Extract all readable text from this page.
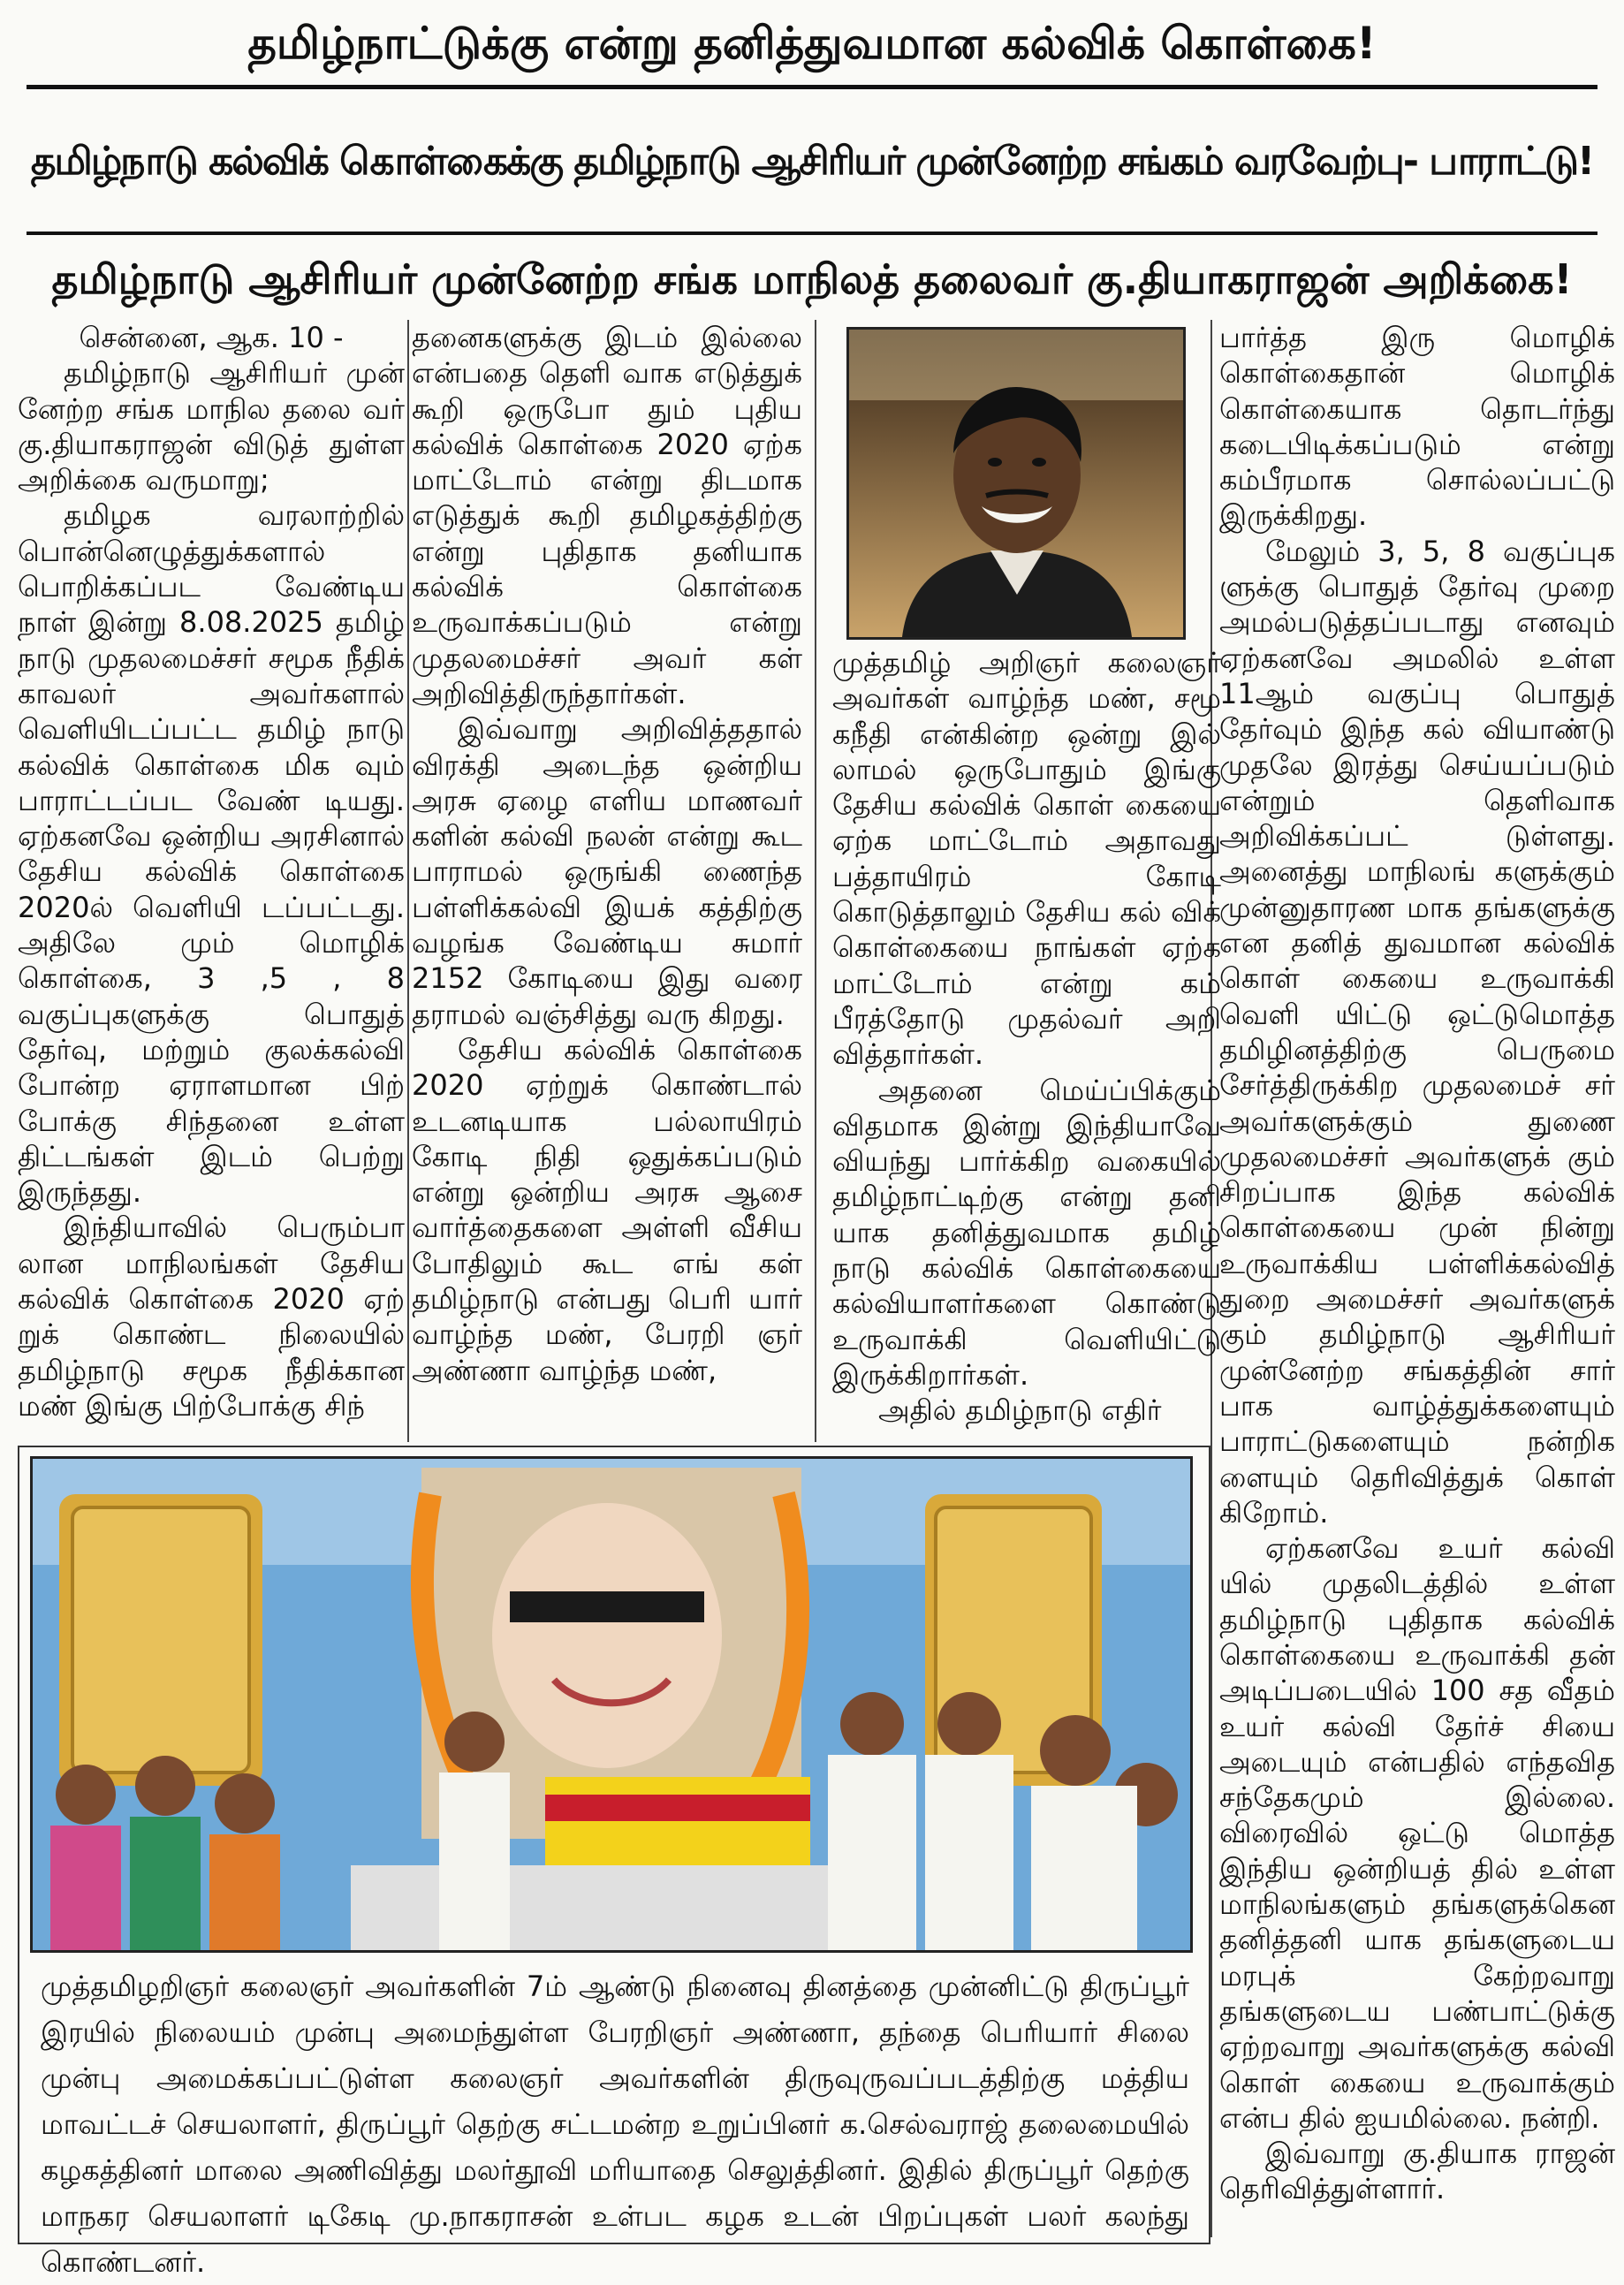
தமிழ்நாட்டுக்கு என்று தனித்துவமான கல்விக் கொள்கை!
தமிழ்நாடு கல்விக் கொள்கைக்கு தமிழ்நாடு ஆசிரியர் முன்னேற்ற சங்கம் வரவேற்பு- பாராட்டு!
தமிழ்நாடு ஆசிரியர் முன்னேற்ற சங்க மாநிலத் தலைவர் கு.தியாகராஜன் அறிக்கை!

சென்னை, ஆக. 10 -

தமிழ்நாடு ஆசிரியர் முன் னேற்ற சங்க மாநில தலை வர் கு.தியாகராஜன் விடுத் துள்ள அறிக்கை வருமாறு;

தமிழக வரலாற்றில் பொன்னெழுத்துக்களால் பொறிக்கப்பட வேண்டிய நாள் இன்று 8.08.2025 தமிழ் நாடு முதலமைச்சர் சமூக நீதிக் காவலர் அவர்களால் வெளியிடப்பட்ட தமிழ் நாடு கல்விக் கொள்கை மிக வும் பாராட்டப்பட வேண் டியது. ஏற்கனவே ஒன்றிய அரசினால் தேசிய கல்விக் கொள்கை 2020ல் வெளியி டப்பட்டது. அதிலே மும் மொழிக் கொள்கை, 3 ,5 , 8 வகுப்புகளுக்கு பொதுத் தேர்வு, மற்றும் குலக்கல்வி போன்ற ஏராளமான பிற் போக்கு சிந்தனை உள்ள திட்டங்கள் இடம் பெற்று இருந்தது.

இந்தியாவில் பெரும்பா லான மாநிலங்கள் தேசிய கல்விக் கொள்கை 2020 ஏற் றுக் கொண்ட நிலையில் தமிழ்நாடு சமூக நீதிக்கான மண் இங்கு பிற்போக்கு சிந்

தனைகளுக்கு இடம் இல்லை என்பதை தெளி வாக எடுத்துக் கூறி ஒருபோ தும் புதிய கல்விக் கொள்கை 2020 ஏற்க மாட்டோம் என்று திடமாக எடுத்துக் கூறி தமிழகத்திற்கு என்று புதிதாக தனியாக கல்விக் கொள்கை உருவாக்கப்படும் என்று முதலமைச்சர் அவர் கள் அறிவித்திருந்தார்கள்.

இவ்வாறு அறிவித்ததால் விரக்தி அடைந்த ஒன்றிய அரசு ஏழை எளிய மாணவர் களின் கல்வி நலன் என்று கூட பாராமல் ஒருங்கி ணைந்த பள்ளிக்கல்வி இயக் கத்திற்கு வழங்க வேண்டிய சுமார் 2152 கோடியை இது வரை தராமல் வஞ்சித்து வரு கிறது.

தேசிய கல்விக் கொள்கை 2020 ஏற்றுக் கொண்டால் உடனடியாக பல்லாயிரம் கோடி நிதி ஒதுக்கப்படும் என்று ஒன்றிய அரசு ஆசை வார்த்தைகளை அள்ளி வீசிய போதிலும் கூட எங் கள் தமிழ்நாடு என்பது பெரி யார் வாழ்ந்த மண், பேரறி ஞர் அண்ணா வாழ்ந்த மண்,

முத்தமிழ் அறிஞர் கலைஞர் அவர்கள் வாழ்ந்த மண், சமூ கநீதி என்கின்ற ஒன்று இல் லாமல் ஒருபோதும் இங்கு தேசிய கல்விக் கொள் கையை ஏற்க மாட்டோம் அதாவது பத்தாயிரம் கோடி கொடுத்தாலும் தேசிய கல் விக் கொள்கையை நாங்கள் ஏற்க மாட்டோம் என்று கம் பீரத்தோடு முதல்வர் அறி வித்தார்கள்.

அதனை மெய்ப்பிக்கும் விதமாக இன்று இந்தியாவே வியந்து பார்க்கிற வகையில் தமிழ்நாட்டிற்கு என்று தனி யாக தனித்துவமாக தமிழ் நாடு கல்விக் கொள்கையை கல்வியாளர்களை கொண்டு உருவாக்கி வெளியிட்டு இருக்கிறார்கள்.

அதில் தமிழ்நாடு எதிர்

பார்த்த இரு மொழிக் கொள்கைதான் மொழிக் கொள்கையாக தொடர்ந்து கடைபிடிக்கப்படும் என்று கம்பீரமாக சொல்லப்பட்டு இருக்கிறது.

மேலும் 3, 5, 8 வகுப்புக ளுக்கு பொதுத் தேர்வு முறை அமல்படுத்தப்படாது எனவும் ஏற்கனவே அமலில் உள்ள 11ஆம் வகுப்பு பொதுத் தேர்வும் இந்த கல் வியாண்டு முதலே இரத்து செய்யப்படும் என்றும் தெளிவாக அறிவிக்கப்பட் டுள்ளது. அனைத்து மாநிலங் களுக்கும் முன்னுதாரண மாக தங்களுக்கு என தனித் துவமான கல்விக் கொள் கையை உருவாக்கி வெளி யிட்டு ஒட்டுமொத்த தமிழினத்திற்கு பெருமை சேர்த்திருக்கிற முதலமைச் சர் அவர்களுக்கும் துணை முதலமைச்சர் அவர்களுக் கும் சிறப்பாக இந்த கல்விக் கொள்கையை முன் நின்று உருவாக்கிய பள்ளிக்கல்வித் துறை அமைச்சர் அவர்களுக் கும் தமிழ்நாடு ஆசிரியர் முன்னேற்ற சங்கத்தின் சார் பாக வாழ்த்துக்களையும் பாராட்டுகளையும் நன்றிக ளையும் தெரிவித்துக் கொள் கிறோம்.

ஏற்கனவே உயர் கல்வி யில் முதலிடத்தில் உள்ள தமிழ்நாடு புதிதாக கல்விக் கொள்கையை உருவாக்கி தன் அடிப்படையில் 100 சத வீதம் உயர் கல்வி தேர்ச் சியை அடையும் என்பதில் எந்தவித சந்தேகமும் இல்லை. விரைவில் ஒட்டு மொத்த இந்திய ஒன்றியத் தில் உள்ள மாநிலங்களும் தங்களுக்கென தனித்தனி யாக தங்களுடைய மரபுக் கேற்றவாறு தங்களுடைய பண்பாட்டுக்கு ஏற்றவாறு அவர்களுக்கு கல்வி கொள் கையை உருவாக்கும் என்ப தில் ஐயமில்லை. நன்றி.

இவ்வாறு கு.தியாக ராஜன் தெரிவித்துள்ளார்.

முத்தமிழறிஞர் கலைஞர் அவர்களின் 7ம் ஆண்டு நினைவு தினத்தை முன்னிட்டு திருப்பூர் இரயில் நிலையம் முன்பு அமைந்துள்ள பேரறிஞர் அண்ணா, தந்தை பெரியார் சிலை முன்பு அமைக்கப்பட்டுள்ள கலைஞர் அவர்களின் திருவுருவப்படத்திற்கு மத்திய மாவட்டச் செயலாளர், திருப்பூர் தெற்கு சட்டமன்ற உறுப்பினர் க.செல்வராஜ் தலைமையில் கழகத்தினர் மாலை அணிவித்து மலர்தூவி மரியாதை செலுத்தினர். இதில் திருப்பூர் தெற்கு மாநகர செயலாளர் டிகேடி மு.நாகராசன் உள்பட கழக உடன் பிறப்புகள் பலர் கலந்து கொண்டனர்.
